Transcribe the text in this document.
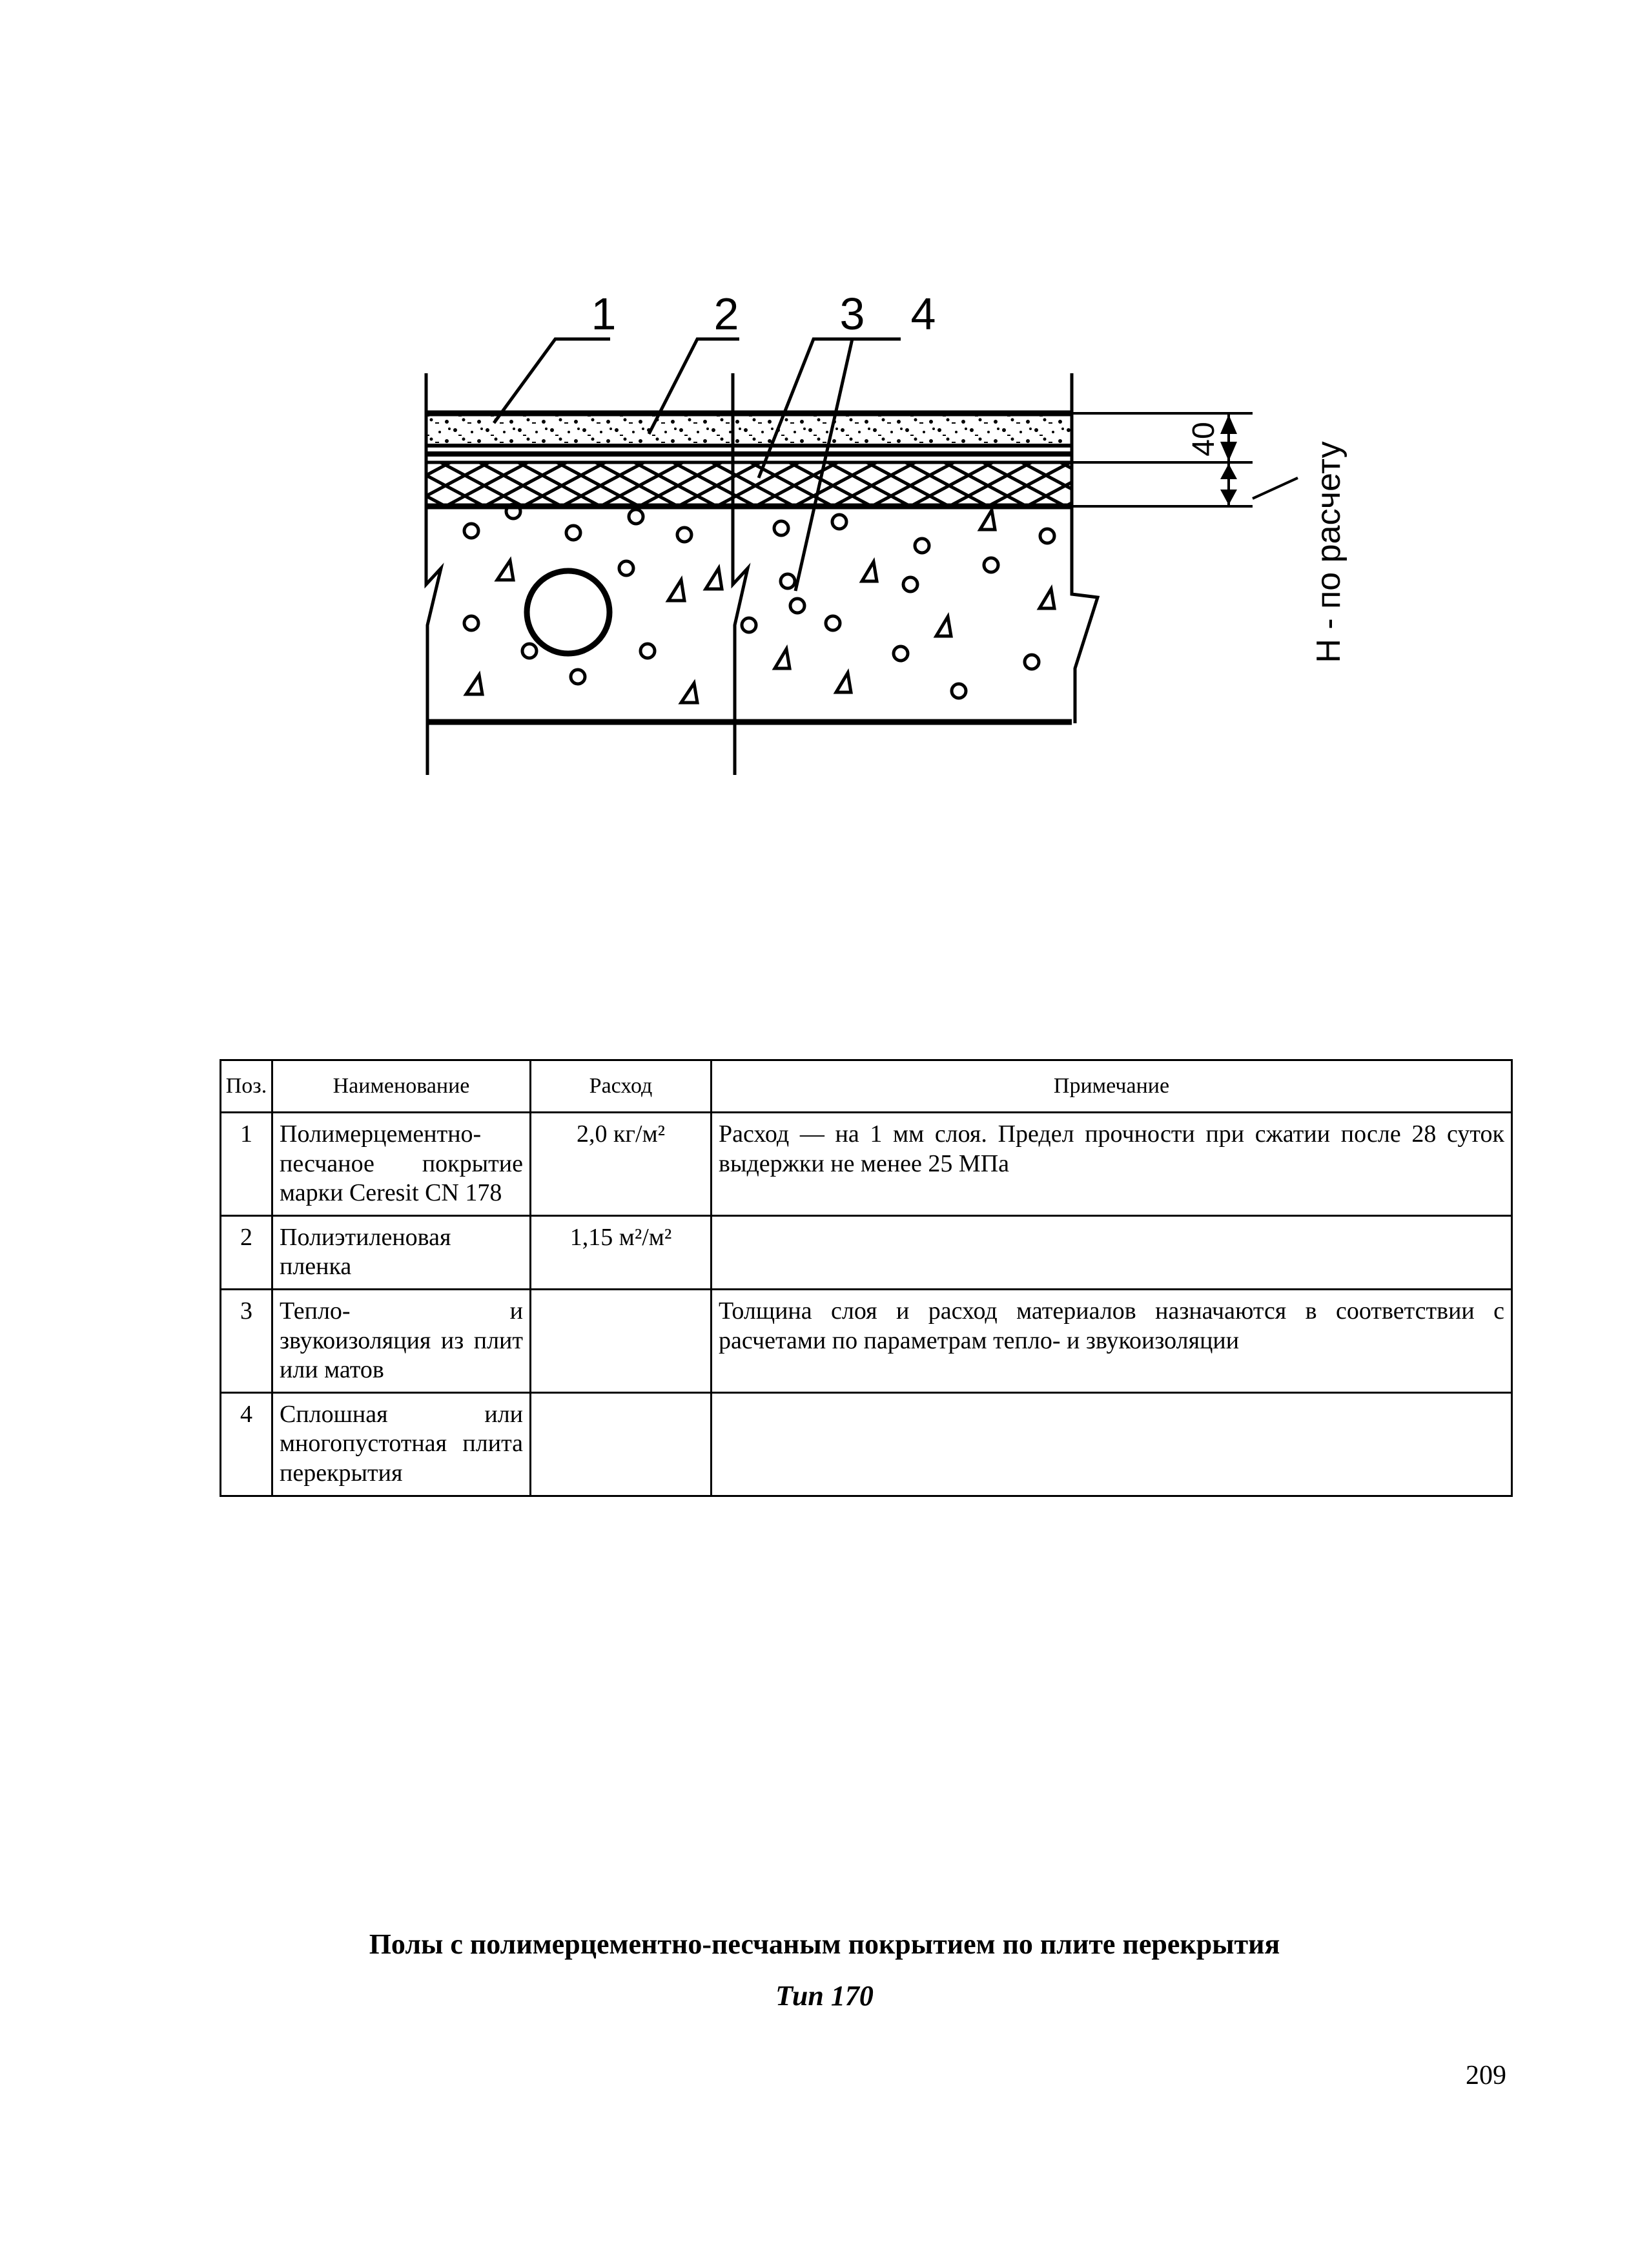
1 2 3 4
40
H - по расчету
Поз.	Наименование	Расход	Примечание
1	Полимерцементно-песчаное покрытие марки Ceresit CN 178	2,0 кг/м²	Расход — на 1 мм слоя. Предел прочности при сжатии после 28 суток выдержки не менее 25 МПа
2	Полиэтиленовая пленка	1,15 м²/м²	
3	Тепло- и звукоизоляция из плит или матов		Толщина слоя и расход материалов назначаются в соответствии с расчетами по параметрам тепло- и звукоизоляции
4	Сплошная или многопустотная плита перекрытия		
Полы с полимерцементно-песчаным покрытием по плите перекрытия
Тип 170
209
